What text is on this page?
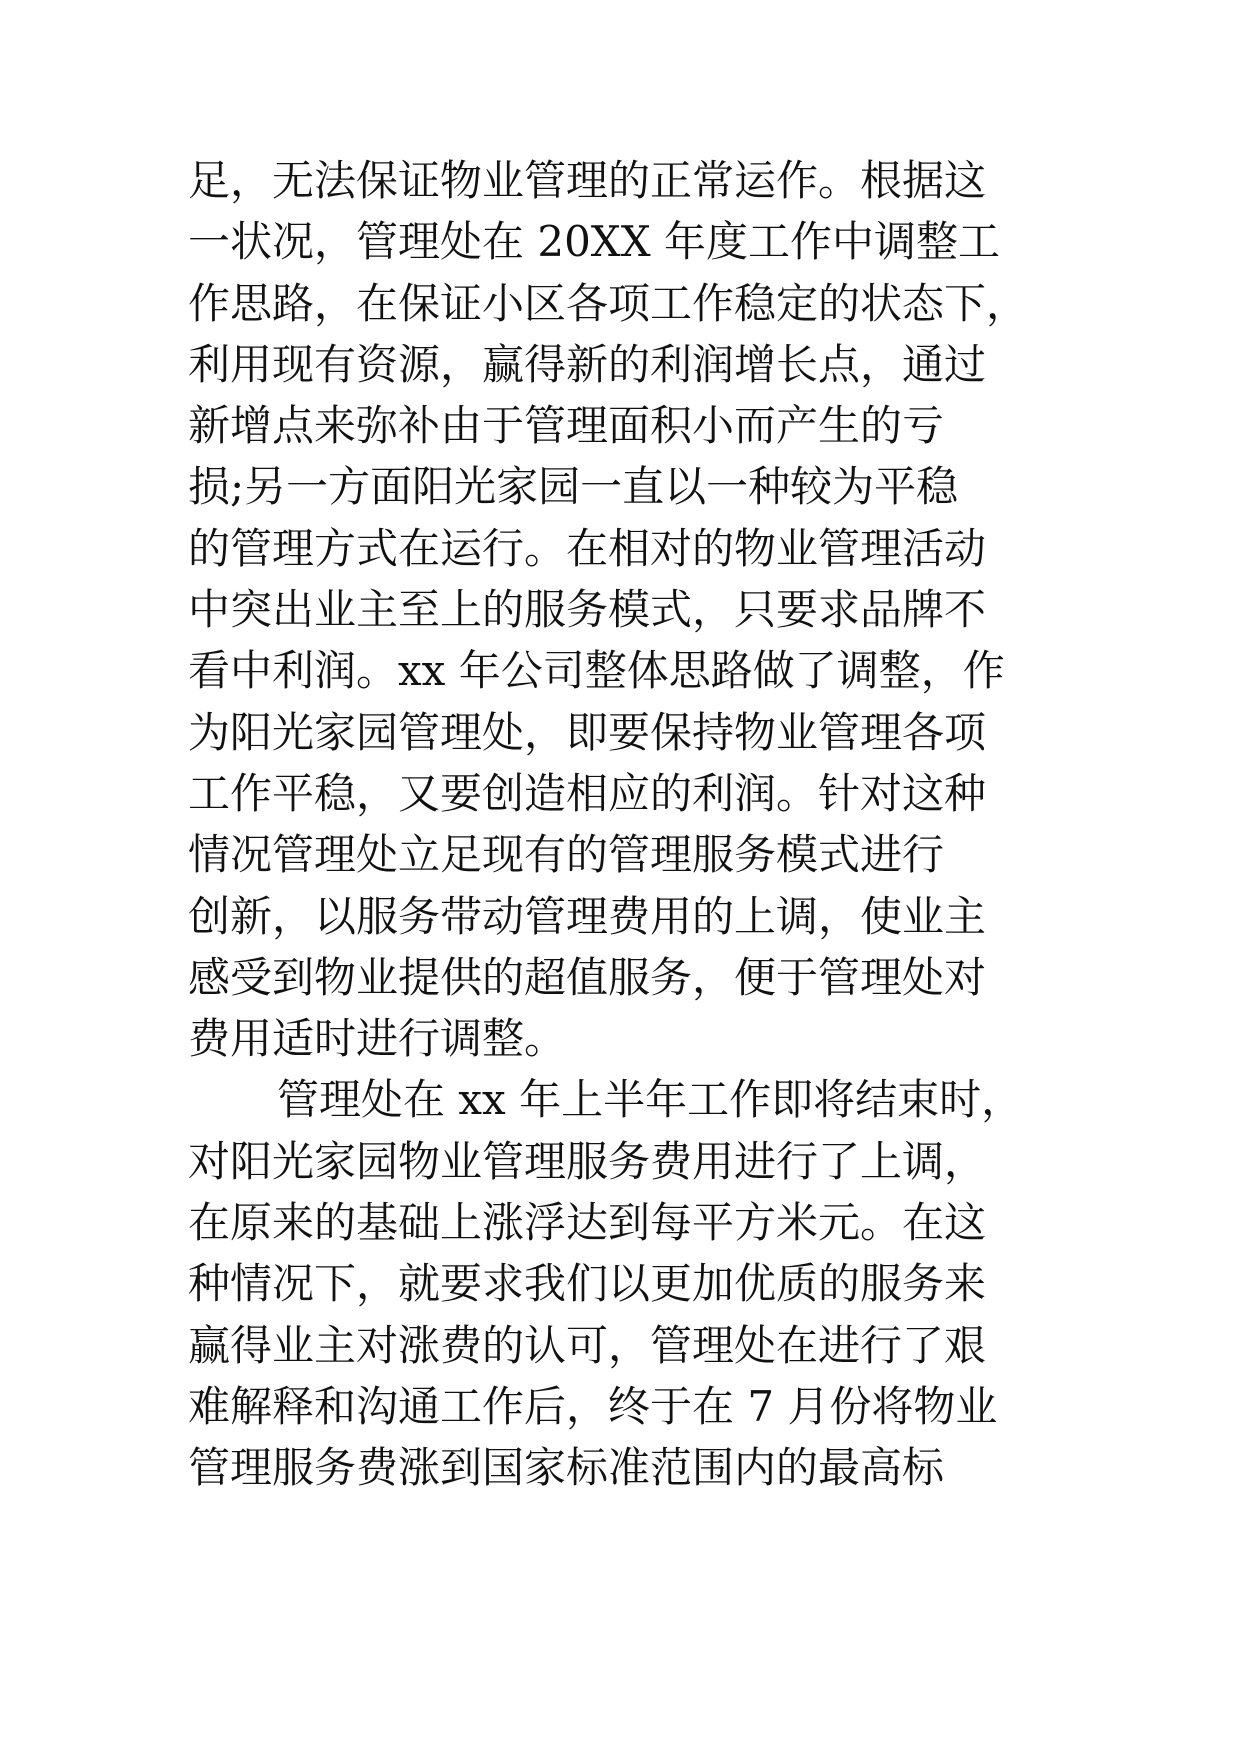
足，无法保证物业管理的正常运作。根据这
一状况，管理处在 20XX 年度工作中调整工
作思路，在保证小区各项工作稳定的状态下，
利用现有资源，赢得新的利润增长点，通过
新增点来弥补由于管理面积小而产生的亏
损;另一方面阳光家园一直以一种较为平稳
的管理方式在运行。在相对的物业管理活动
中突出业主至上的服务模式，只要求品牌不
看中利润。xx 年公司整体思路做了调整，作
为阳光家园管理处，即要保持物业管理各项
工作平稳，又要创造相应的利润。针对这种
情况管理处立足现有的管理服务模式进行
创新，以服务带动管理费用的上调，使业主
感受到物业提供的超值服务，便于管理处对
费用适时进行调整。
管理处在 xx 年上半年工作即将结束时，
对阳光家园物业管理服务费用进行了上调，
在原来的基础上涨浮达到每平方米元。在这
种情况下，就要求我们以更加优质的服务来
赢得业主对涨费的认可，管理处在进行了艰
难解释和沟通工作后，终于在 7 月份将物业
管理服务费涨到国家标准范围内的最高标
